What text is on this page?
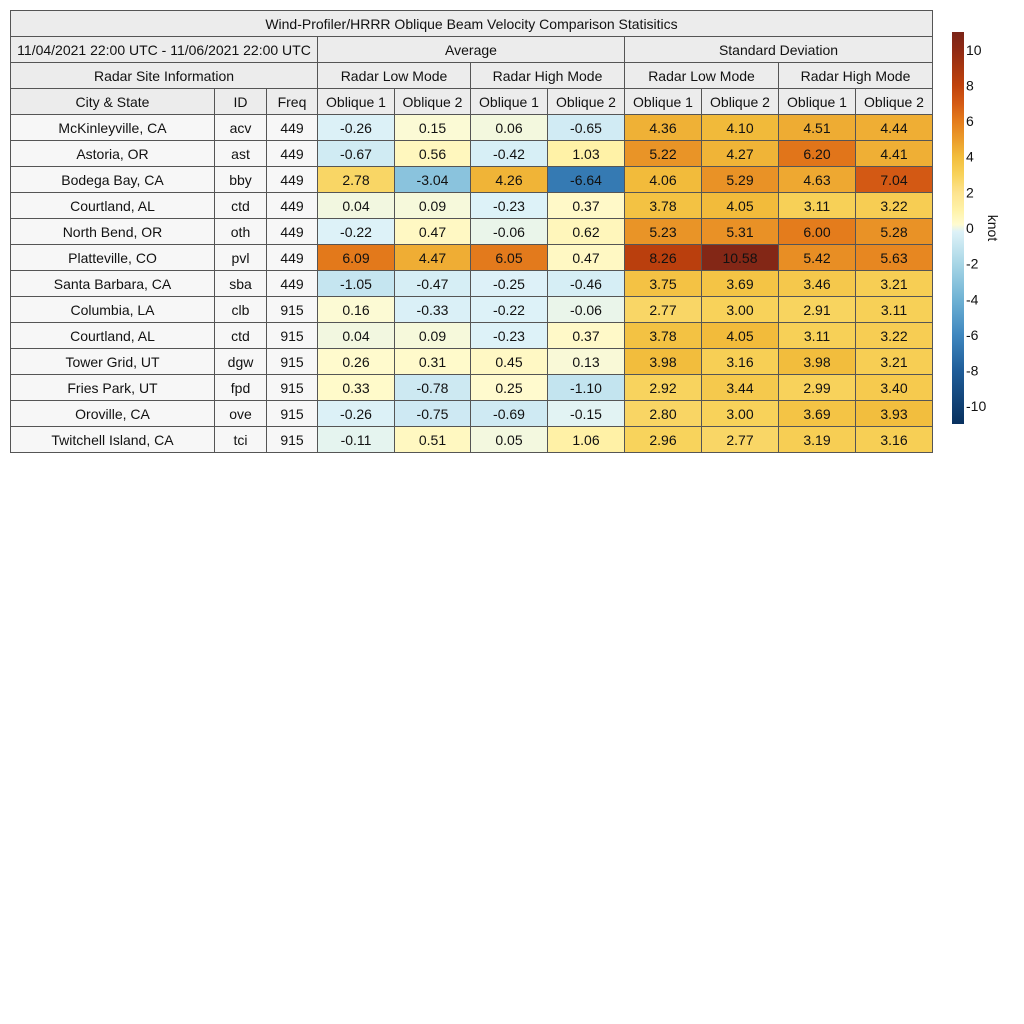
Wind-Profiler/HRRR Oblique Beam Velocity Comparison Statisitics										
11/04/2021 22:00 UTC - 11/06/2021 22:00 UTC			Average				Standard Deviation			
Radar Site Information			Radar Low Mode		Radar High Mode		Radar Low Mode		Radar High Mode	
City & State	ID	Freq	Oblique 1	Oblique 2	Oblique 1	Oblique 2	Oblique 1	Oblique 2	Oblique 1	Oblique 2
McKinleyville, CA	acv	449	-0.26	0.15	0.06	-0.65	4.36	4.10	4.51	4.44
Astoria, OR	ast	449	-0.67	0.56	-0.42	1.03	5.22	4.27	6.20	4.41
Bodega Bay, CA	bby	449	2.78	-3.04	4.26	-6.64	4.06	5.29	4.63	7.04
Courtland, AL	ctd	449	0.04	0.09	-0.23	0.37	3.78	4.05	3.11	3.22
North Bend, OR	oth	449	-0.22	0.47	-0.06	0.62	5.23	5.31	6.00	5.28
Platteville, CO	pvl	449	6.09	4.47	6.05	0.47	8.26	10.58	5.42	5.63
Santa Barbara, CA	sba	449	-1.05	-0.47	-0.25	-0.46	3.75	3.69	3.46	3.21
Columbia, LA	clb	915	0.16	-0.33	-0.22	-0.06	2.77	3.00	2.91	3.11
Courtland, AL	ctd	915	0.04	0.09	-0.23	0.37	3.78	4.05	3.11	3.22
Tower Grid, UT	dgw	915	0.26	0.31	0.45	0.13	3.98	3.16	3.98	3.21
Fries Park, UT	fpd	915	0.33	-0.78	0.25	-1.10	2.92	3.44	2.99	3.40
Oroville, CA	ove	915	-0.26	-0.75	-0.69	-0.15	2.80	3.00	3.69	3.93
Twitchell Island, CA	tci	915	-0.11	0.51	0.05	1.06	2.96	2.77	3.19	3.16
10
8
6
4
2
0
-2
-4
-6
-8
-10
knot
